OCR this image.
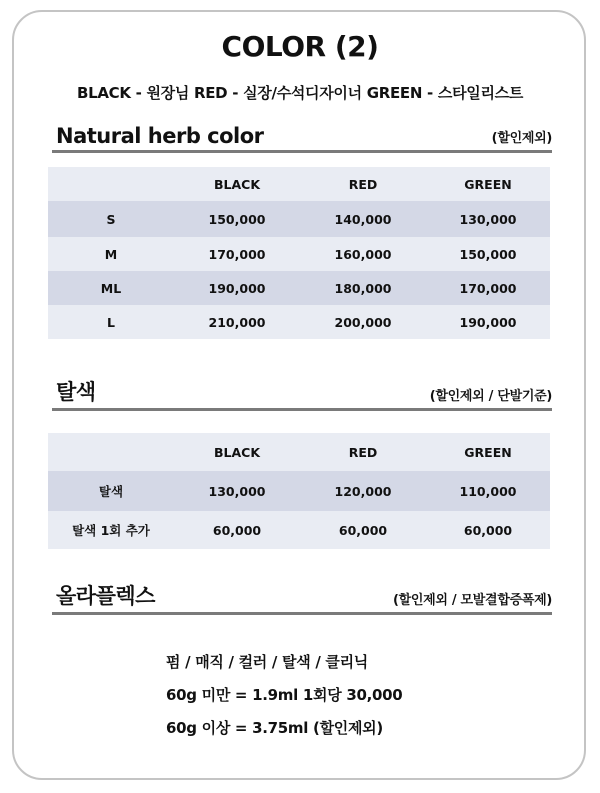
COLOR (2)
BLACK - 원장님 RED - 실장/수석디자이너 GREEN - 스타일리스트
Natural herb color	(할인제외)
	BLACK	RED	GREEN
S	150,000	140,000	130,000
M	170,000	160,000	150,000
ML	190,000	180,000	170,000
L	210,000	200,000	190,000
탈색	(할인제외 / 단발기준)
	BLACK	RED	GREEN
탈색	130,000	120,000	110,000
탈색 1회 추가	60,000	60,000	60,000
올라플렉스	(할인제외 / 모발결합증폭제)
펌 / 매직 / 컬러 / 탈색 / 클리닉
60g 미만 = 1.9ml 1회당 30,000
60g 이상 = 3.75ml (할인제외)
